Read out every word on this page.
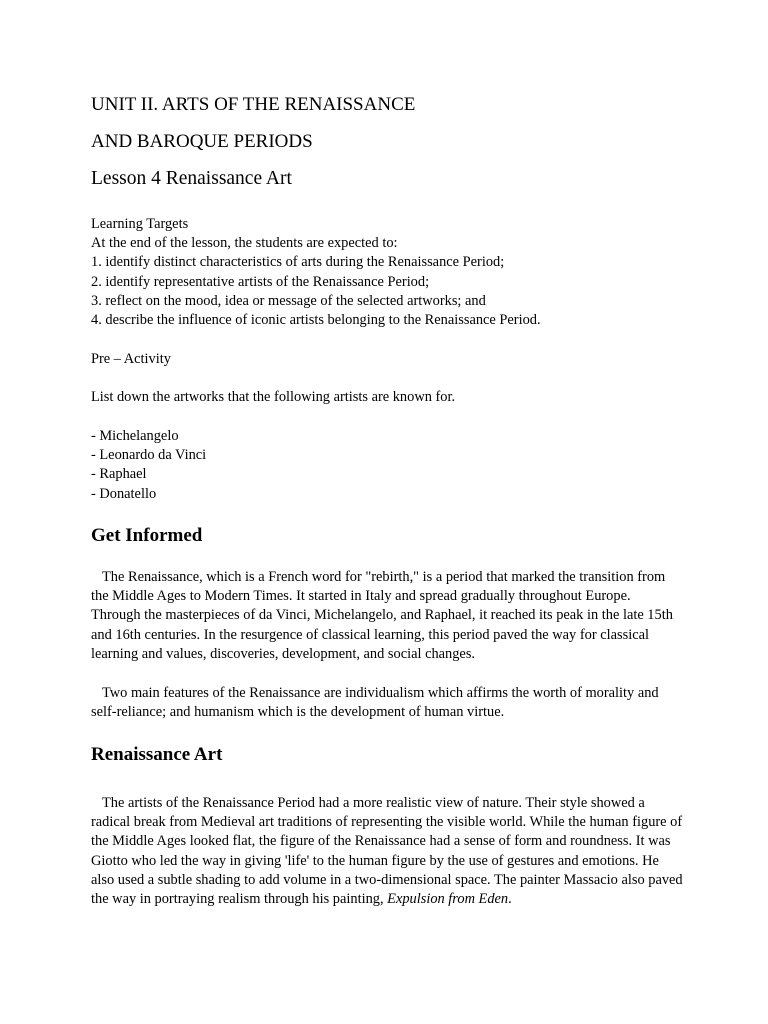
UNIT II. ARTS OF THE RENAISSANCE
AND BAROQUE PERIODS
Lesson 4 Renaissance Art
Learning Targets
At the end of the lesson, the students are expected to:
1. identify distinct characteristics of arts during the Renaissance Period;
2. identify representative artists of the Renaissance Period;
3. reflect on the mood, idea or message of the selected artworks; and
4. describe the influence of iconic artists belonging to the Renaissance Period.
Pre – Activity
List down the artworks that the following artists are known for.
- Michelangelo
- Leonardo da Vinci
- Raphael
- Donatello
Get Informed

The Renaissance, which is a French word for "rebirth," is a period that marked the transition from the Middle Ages to Modern Times. It started in Italy and spread gradually throughout Europe. Through the masterpieces of da Vinci, Michelangelo, and Raphael, it reached its peak in the late 15th and 16th centuries. In the resurgence of classical learning, this period paved the way for classical learning and values, discoveries, development, and social changes.

Two main features of the Renaissance are individualism which affirms the worth of morality and self-reliance; and humanism which is the development of human virtue.

Renaissance Art

The artists of the Renaissance Period had a more realistic view of nature. Their style showed a radical break from Medieval art traditions of representing the visible world. While the human figure of the Middle Ages looked flat, the figure of the Renaissance had a sense of form and roundness. It was Giotto who led the way in giving 'life' to the human figure by the use of gestures and emotions. He also used a subtle shading to add volume in a two-dimensional space. The painter Massacio also paved the way in portraying realism through his painting, Expulsion from Eden.
